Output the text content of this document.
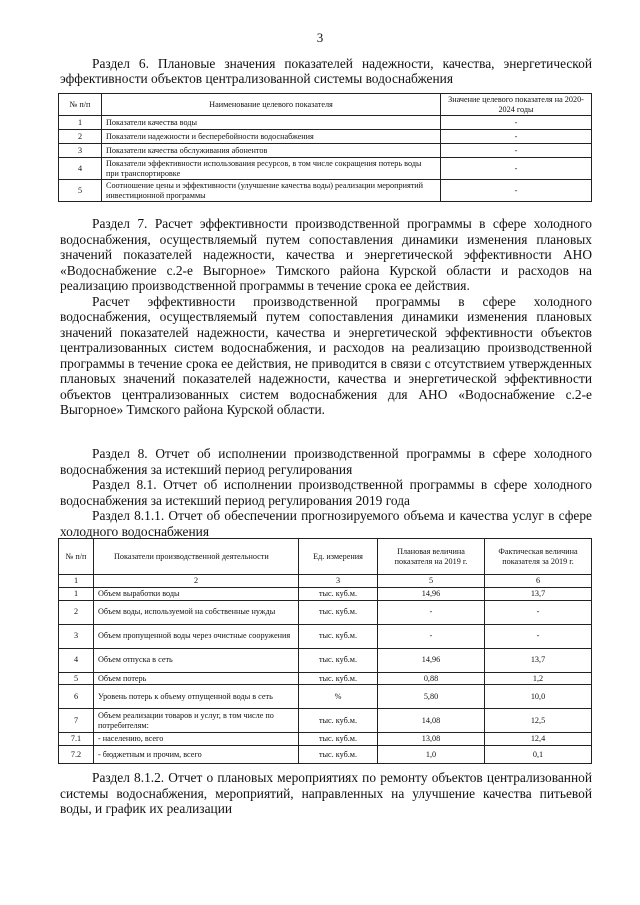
3
Раздел 6. Плановые значения показателей надежности, качества, энергетической эффективности объектов централизованной системы водоснабжения
№ п/п	Наименование целевого показателя	Значение целевого показателя на 2020-2024 годы
1	Показатели качества воды	-
2	Показатели надежности и бесперебойности водоснабжения	-
3	Показатели качества обслуживания абонентов	-
4	Показатели эффективности использования ресурсов, в том числе сокращения потерь воды при транспортировке	-
5	Соотношение цены и эффективности (улучшение качества воды) реализации мероприятий инвестиционной программы	-

Раздел 7. Расчет эффективности производственной программы в сфере холодного водоснабжения, осуществляемый путем сопоставления динамики изменения плановых значений показателей надежности, качества и энергетической эффективности АНО «Водоснабжение с.2-е Выгорное» Тимского района Курской области и расходов на реализацию производственной программы в течение срока ее действия.

Расчет эффективности производственной программы в сфере холодного водоснабжения, осуществляемый путем сопоставления динамики изменения плановых значений показателей надежности, качества и энергетической эффективности объектов централизованных систем водоснабжения, и расходов на реализацию производственной программы в течение срока ее действия, не приводится в связи с отсутствием утвержденных плановых значений показателей надежности, качества и энергетической эффективности объектов централизованных систем водоснабжения для АНО «Водоснабжение с.2-е Выгорное» Тимского района Курской области.

Раздел 8. Отчет об исполнении производственной программы в сфере холодного водоснабжения за истекший период регулирования

Раздел 8.1. Отчет об исполнении производственной программы в сфере холодного водоснабжения за истекший период регулирования 2019 года

Раздел 8.1.1. Отчет об обеспечении прогнозируемого объема и качества услуг в сфере холодного водоснабжения

№ п/п	Показатели производственной деятельности	Ед. измерения	Плановая величина показателя на 2019 г.	Фактическая величина показателя за 2019 г.
1	2	3	5	6
1	Объем выработки воды	тыс. куб.м.	14,96	13,7
2	Объем воды, используемой на собственные нужды	тыс. куб.м.	-	-
3	Объем пропущенной воды через очистные сооружения	тыс. куб.м.	-	-
4	Объем отпуска в сеть	тыс. куб.м.	14,96	13,7
5	Объем потерь	тыс. куб.м.	0,88	1,2
6	Уровень потерь к объему отпущенной воды в сеть	%	5,80	10,0
7	Объем реализации товаров и услуг, в том числе по потребителям:	тыс. куб.м.	14,08	12,5
7.1	- населению, всего	тыс. куб.м.	13,08	12,4
7.2	- бюджетным и прочим, всего	тыс. куб.м.	1,0	0,1
Раздел 8.1.2. Отчет о плановых мероприятиях по ремонту объектов централизованной системы водоснабжения, мероприятий, направленных на улучшение качества питьевой воды, и график их реализации
